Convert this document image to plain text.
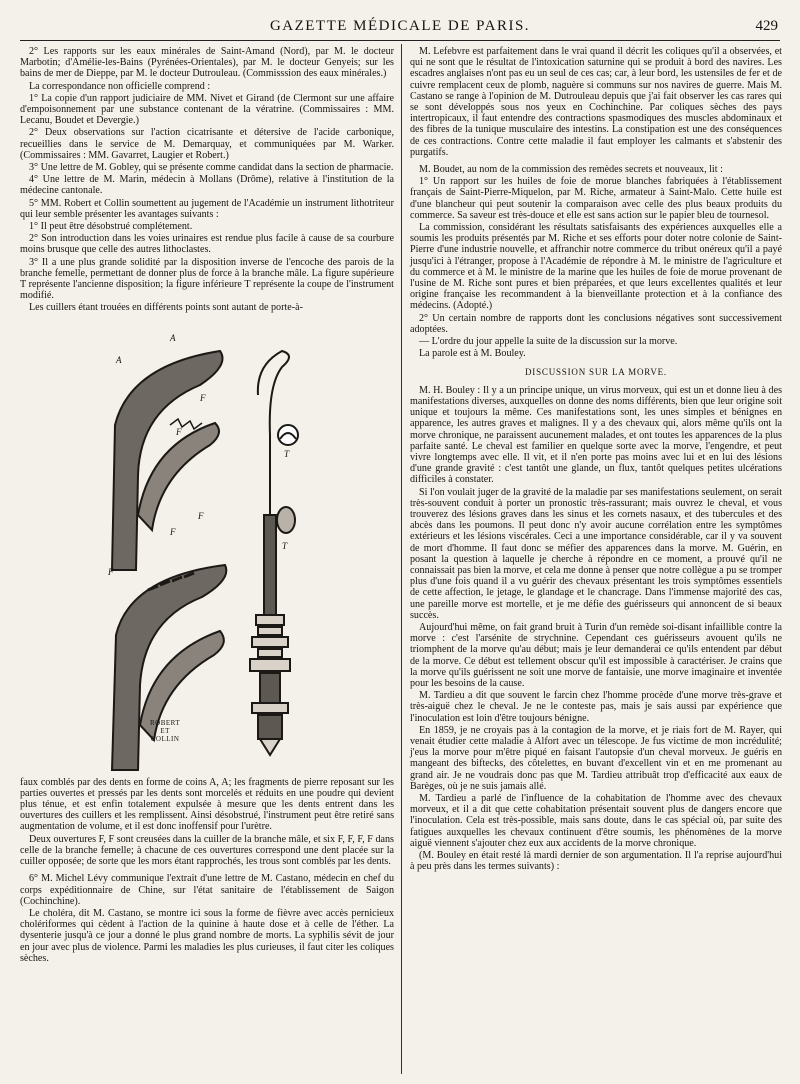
GAZETTE MÉDICALE DE PARIS.	429

2° Les rapports sur les eaux minérales de Saint-Amand (Nord), par M. le docteur Marbotin; d'Amélie-les-Bains (Pyrénées-Orientales), par M. le docteur Genyeis; sur les bains de mer de Dieppe, par M. le docteur Dutrouleau. (Commisssion des eaux minérales.)

La correspondance non officielle comprend :

1° La copie d'un rapport judiciaire de MM. Nivet et Girand (de Clermont sur une affaire d'empoisonnement par une substance contenant de la vératrine. (Commissaires : MM. Lecanu, Boudet et Devergie.)

2° Deux observations sur l'action cicatrisante et détersive de l'acide carbonique, recueillies dans le service de M. Demarquay, et communiquées par M. Warker. (Commissaires : MM. Gavarret, Laugier et Robert.)

3° Une lettre de M. Gobley, qui se présente comme candidat dans la section de pharmacie.

4° Une lettre de M. Marin, médecin à Mollans (Drôme), relative à l'institution de la médecine cantonale.

5° MM. Robert et Collin soumettent au jugement de l'Académie un instrument lithotriteur qui leur semble présenter les avantages suivants :

1° Il peut être désobstrué complétement.

2° Son introduction dans les voies urinaires est rendue plus facile à cause de sa courbure moins brusque que celle des autres lithoclastes.

3° Il a une plus grande solidité par la disposition inverse de l'encoche des parois de la branche femelle, permettant de donner plus de force à la branche mâle. La figure supérieure T représente l'ancienne disposition; la figure inférieure T représente la coupe de l'instrument modifié.

Les cuillers étant trouées en différents points sont autant de porte-à-

A
A
F
F
F
F
F
T
T
ROBERT
ET
COLLIN

faux comblés par des dents en forme de coins A, A; les fragments de pierre reposant sur les parties ouvertes et pressés par les dents sont morcelés et réduits en une poudre qui devient plus ténue, et est enfin totalement expulsée à mesure que les dents entrent dans les ouvertures des cuillers et les remplissent. Ainsi désobstrué, l'instrument peut être retiré sans augmentation de volume, et il est donc inoffensif pour l'urètre.

Deux ouvertures F, F sont creusées dans la cuiller de la branche mâle, et six F, F, F, F dans celle de la branche femelle; à chacune de ces ouvertures correspond une dent placée sur la cuiller opposée; de sorte que les mors étant rapprochés, les trous sont comblés par les dents.

6° M. Michel Lévy communique l'extrait d'une lettre de M. Castano, médecin en chef du corps expéditionnaire de Chine, sur l'état sanitaire de l'établissement de Saigon (Cochinchine).

Le choléra, dit M. Castano, se montre ici sous la forme de fièvre avec accès pernicieux cholériformes qui cèdent à l'action de la quinine à haute dose et à celle de l'éther. La dysenterie jusqu'à ce jour a donné le plus grand nombre de morts. La syphilis sévit de jour en jour avec plus de violence. Parmi les maladies les plus curieuses, il faut citer les coliques sèches.

M. Lefebvre est parfaitement dans le vrai quand il décrit les coliques qu'il a observées, et qui ne sont que le résultat de l'intoxication saturnine qui se produit à bord des navires. Les escadres anglaises n'ont pas eu un seul de ces cas; car, à leur bord, les ustensiles de fer et de cuivre remplacent ceux de plomb, naguère si communs sur nos navires de guerre. Mais M. Castano se range à l'opinion de M. Dutrouleau depuis que j'ai fait observer les cas rares qui se sont développés sous nos yeux en Cochinchine. Par coliques sèches des pays intertropicaux, il faut entendre des contractions spasmodiques des muscles abdominaux et des fibres de la tunique musculaire des intestins. La constipation est une des conséquences de ces contractions. Contre cette maladie il faut employer les calmants et s'abstenir des purgatifs.

M. Boudet, au nom de la commission des remèdes secrets et nouveaux, lit :

1° Un rapport sur les huiles de foie de morue blanches fabriquées à l'établissement français de Saint-Pierre-Miquelon, par M. Riche, armateur à Saint-Malo. Cette huile est d'une blancheur qui peut soutenir la comparaison avec celle des plus beaux produits du commerce. Sa saveur est très-douce et elle est sans action sur le papier bleu de tournesol.

La commission, considérant les résultats satisfaisants des expériences auxquelles elle a soumis les produits présentés par M. Riche et ses efforts pour doter notre colonie de Saint-Pierre d'une industrie nouvelle, et affranchir notre commerce du tribut onéreux qu'il a payé jusqu'ici à l'étranger, propose à l'Académie de répondre à M. le ministre de l'agriculture et du commerce et à M. le ministre de la marine que les huiles de foie de morue provenant de l'usine de M. Riche sont pures et bien préparées, et que leurs excellentes qualités et leur origine française les recommandent à la bienveillante protection et à la confiance des médecins. (Adopté.)

2° Un certain nombre de rapports dont les conclusions négatives sont successivement adoptées.

— L'ordre du jour appelle la suite de la discussion sur la morve.

La parole est à M. Bouley.

DISCUSSION SUR LA MORVE.

M. H. Bouley : Il y a un principe unique, un virus morveux, qui est un et donne lieu à des manifestations diverses, auxquelles on donne des noms différents, bien que leur origine soit unique et toujours la même. Ces manifestations sont, les unes simples et bénignes en apparence, les autres graves et malignes. Il y a des chevaux qui, alors même qu'ils ont la morve chronique, ne paraissent aucunement malades, et ont toutes les apparences de la plus parfaite santé. Le cheval est familier en quelque sorte avec la morve, l'engendre, et peut vivre longtemps avec elle. Il vit, et il n'en porte pas moins avec lui et en lui des lésions d'une grande gravité : c'est tantôt une glande, un flux, tantôt quelques petites ulcérations difficiles à constater.

Si l'on voulait juger de la gravité de la maladie par ses manifestations seulement, on serait très-souvent conduit à porter un pronostic très-rassurant; mais ouvrez le cheval, et vous trouverez des lésions graves dans les sinus et les cornets nasaux, et des tubercules et des abcès dans les poumons. Il peut donc n'y avoir aucune corrélation entre les symptômes extérieurs et les lésions viscérales. Ceci a une importance considérable, car il y va souvent de mort d'homme. Il faut donc se méfier des apparences dans la morve. M. Guérin, en posant la question à laquelle je cherche à répondre en ce moment, a prouvé qu'il ne connaissait pas bien la morve, et cela me donne à penser que notre collègue a pu se tromper plus d'une fois quand il a vu guérir des chevaux présentant les trois symptômes essentiels de cette affection, le jetage, le glandage et le chancrage. Dans l'immense majorité des cas, une pareille morve est mortelle, et je me défie des guérisseurs qui annoncent de si beaux succès.

Aujourd'hui même, on fait grand bruit à Turin d'un remède soi-disant infaillible contre la morve : c'est l'arsénite de strychnine. Cependant ces guérisseurs avouent qu'ils ne triomphent de la morve qu'au début; mais je leur demanderai ce qu'ils entendent par début de la morve. Ce début est tellement obscur qu'il est impossible à caractériser. Je crains que la morve qu'ils guérissent ne soit une morve de fantaisie, une morve imaginaire et inventée pour les besoins de la cause.

M. Tardieu a dit que souvent le farcin chez l'homme procède d'une morve très-grave et très-aiguë chez le cheval. Je ne le conteste pas, mais je sais aussi par expérience que l'inoculation est loin d'être toujours bénigne.

En 1859, je ne croyais pas à la contagion de la morve, et je riais fort de M. Rayer, qui venait étudier cette maladie à Alfort avec un télescope. Je fus victime de mon incrédulité; j'eus la morve pour m'être piqué en faisant l'autopsie d'un cheval morveux. Je guéris en mangeant des biftecks, des côtelettes, en buvant d'excellent vin et en me promenant au grand air. Je ne voudrais donc pas que M. Tardieu attribuât trop d'efficacité aux eaux de Barèges, où je ne suis jamais allé.

M. Tardieu a parlé de l'influence de la cohabitation de l'homme avec des chevaux morveux, et il a dit que cette cohabitation présentait souvent plus de dangers encore que l'inoculation. Cela est très-possible, mais sans doute, dans le cas spécial où, par suite des fatigues auxquelles les chevaux continuent d'être soumis, les phénomènes de la morve aiguë viennent s'ajouter chez eux aux accidents de la morve chronique.

(M. Bouley en était resté là mardi dernier de son argumentation. Il l'a reprise aujourd'hui à peu près dans les termes suivants) :
